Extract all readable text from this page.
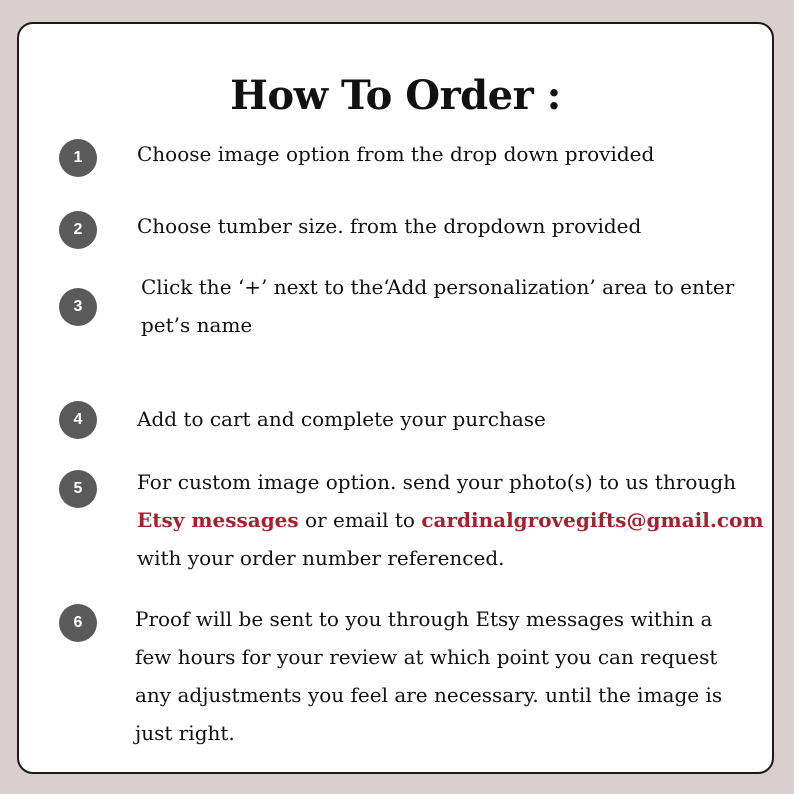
How To Order :
1	Choose image option from the drop down provided
2	Choose tumber size. from the dropdown provided
3
Click the ‘+’ next to the‘Add personalization’ area to enter
pet’s name
4	Add to cart and complete your purchase
5	For custom image option. send your photo(s) to us through
Etsy messages or email to cardinalgrovegifts@gmail.com
with your order number referenced.
6	Proof will be sent to you through Etsy messages within a
few hours for your review at which point you can request
any adjustments you feel are necessary. until the image is
just right.
